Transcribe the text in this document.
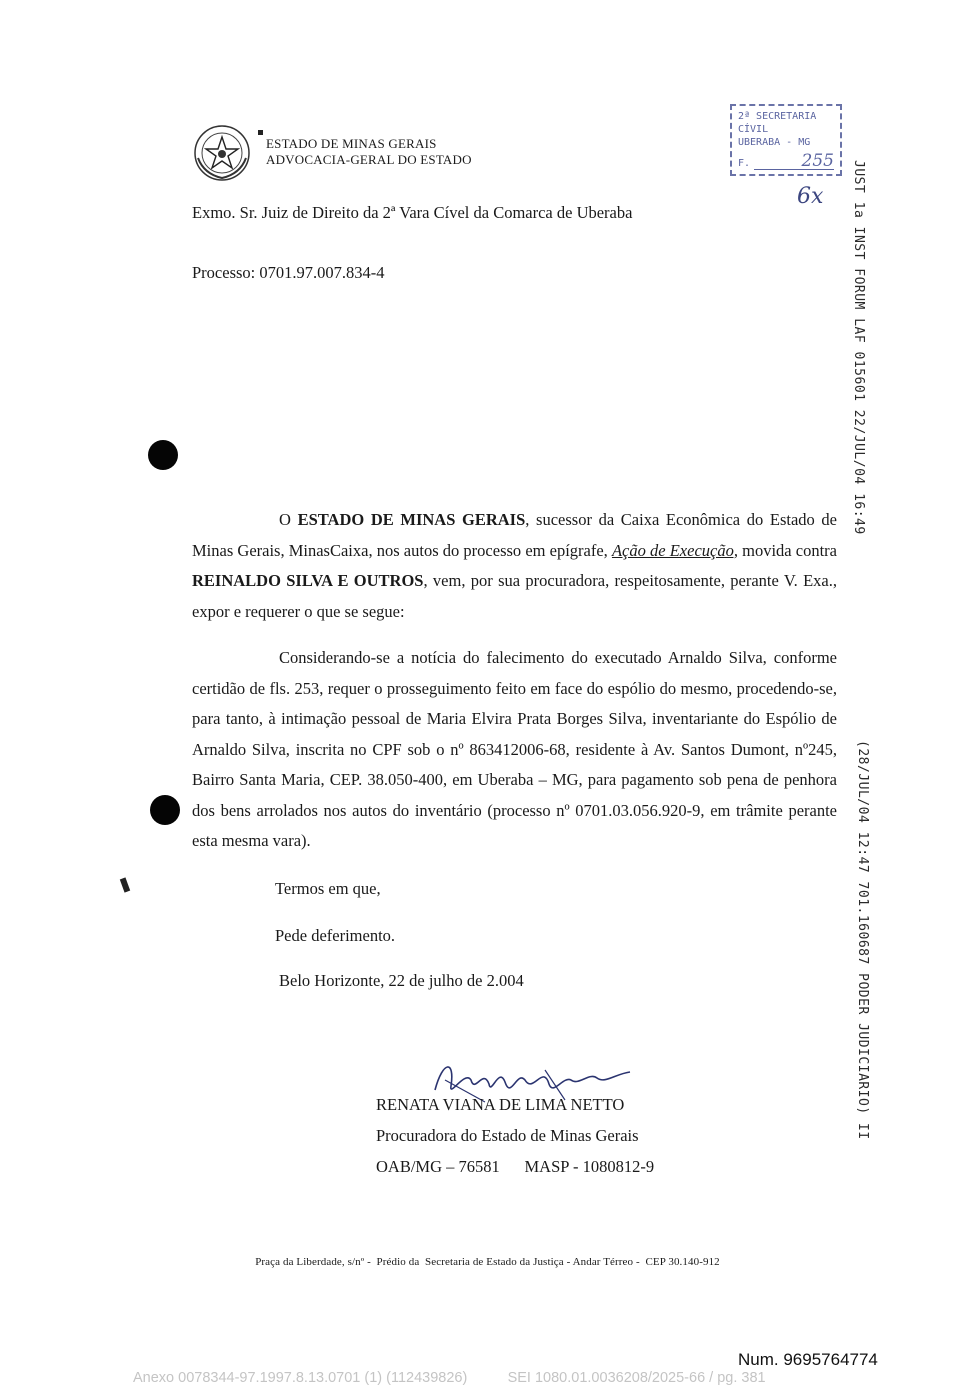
ESTADO DE MINAS GERAIS
ADVOCACIA-GERAL DO ESTADO
2ª SECRETARIA CÍVIL
UBERABA - MG
F.	255
6x JUST 1a INST FORUM LAF 015601 22/JUL/04 16:49
(28/JUL/04 12:47 701.160687 PODER JUDICIARIO) II
Exmo. Sr. Juiz de Direito da 2ª Vara Cível da Comarca de Uberaba
Processo: 0701.97.007.834-4
O ESTADO DE MINAS GERAIS, sucessor da Caixa Econômica do Estado de Minas Gerais, MinasCaixa, nos autos do processo em epígrafe, Ação de Execução, movida contra REINALDO SILVA E OUTROS, vem, por sua procuradora, respeitosamente, perante V. Exa., expor e requerer o que se segue:
Considerando-se a notícia do falecimento do executado Arnaldo Silva, conforme certidão de fls. 253, requer o prosseguimento feito em face do espólio do mesmo, procedendo-se, para tanto, à intimação pessoal de Maria Elvira Prata Borges Silva, inventariante do Espólio de Arnaldo Silva, inscrita no CPF sob o nº 863412006-68, residente à Av. Santos Dumont, nº245, Bairro Santa Maria, CEP. 38.050-400, em Uberaba – MG, para pagamento sob pena de penhora dos bens arrolados nos autos do inventário (processo nº 0701.03.056.920-9, em trâmite perante esta mesma vara).
Termos em que,
Pede deferimento.
Belo Horizonte, 22 de julho de 2.004
RENATA VIANA DE LIMA NETTO
Procuradora do Estado de Minas Gerais
OAB/MG – 76581      MASP - 1080812-9
Praça da Liberdade, s/nº -  Prédio da  Secretaria de Estado da Justiça - Andar Térreo -  CEP 30.140-912
Num. 9695764774
Anexo 0078344-97.1997.8.13.0701 (1) (112439826)          SEI 1080.01.0036208/2025-66 / pg. 381
